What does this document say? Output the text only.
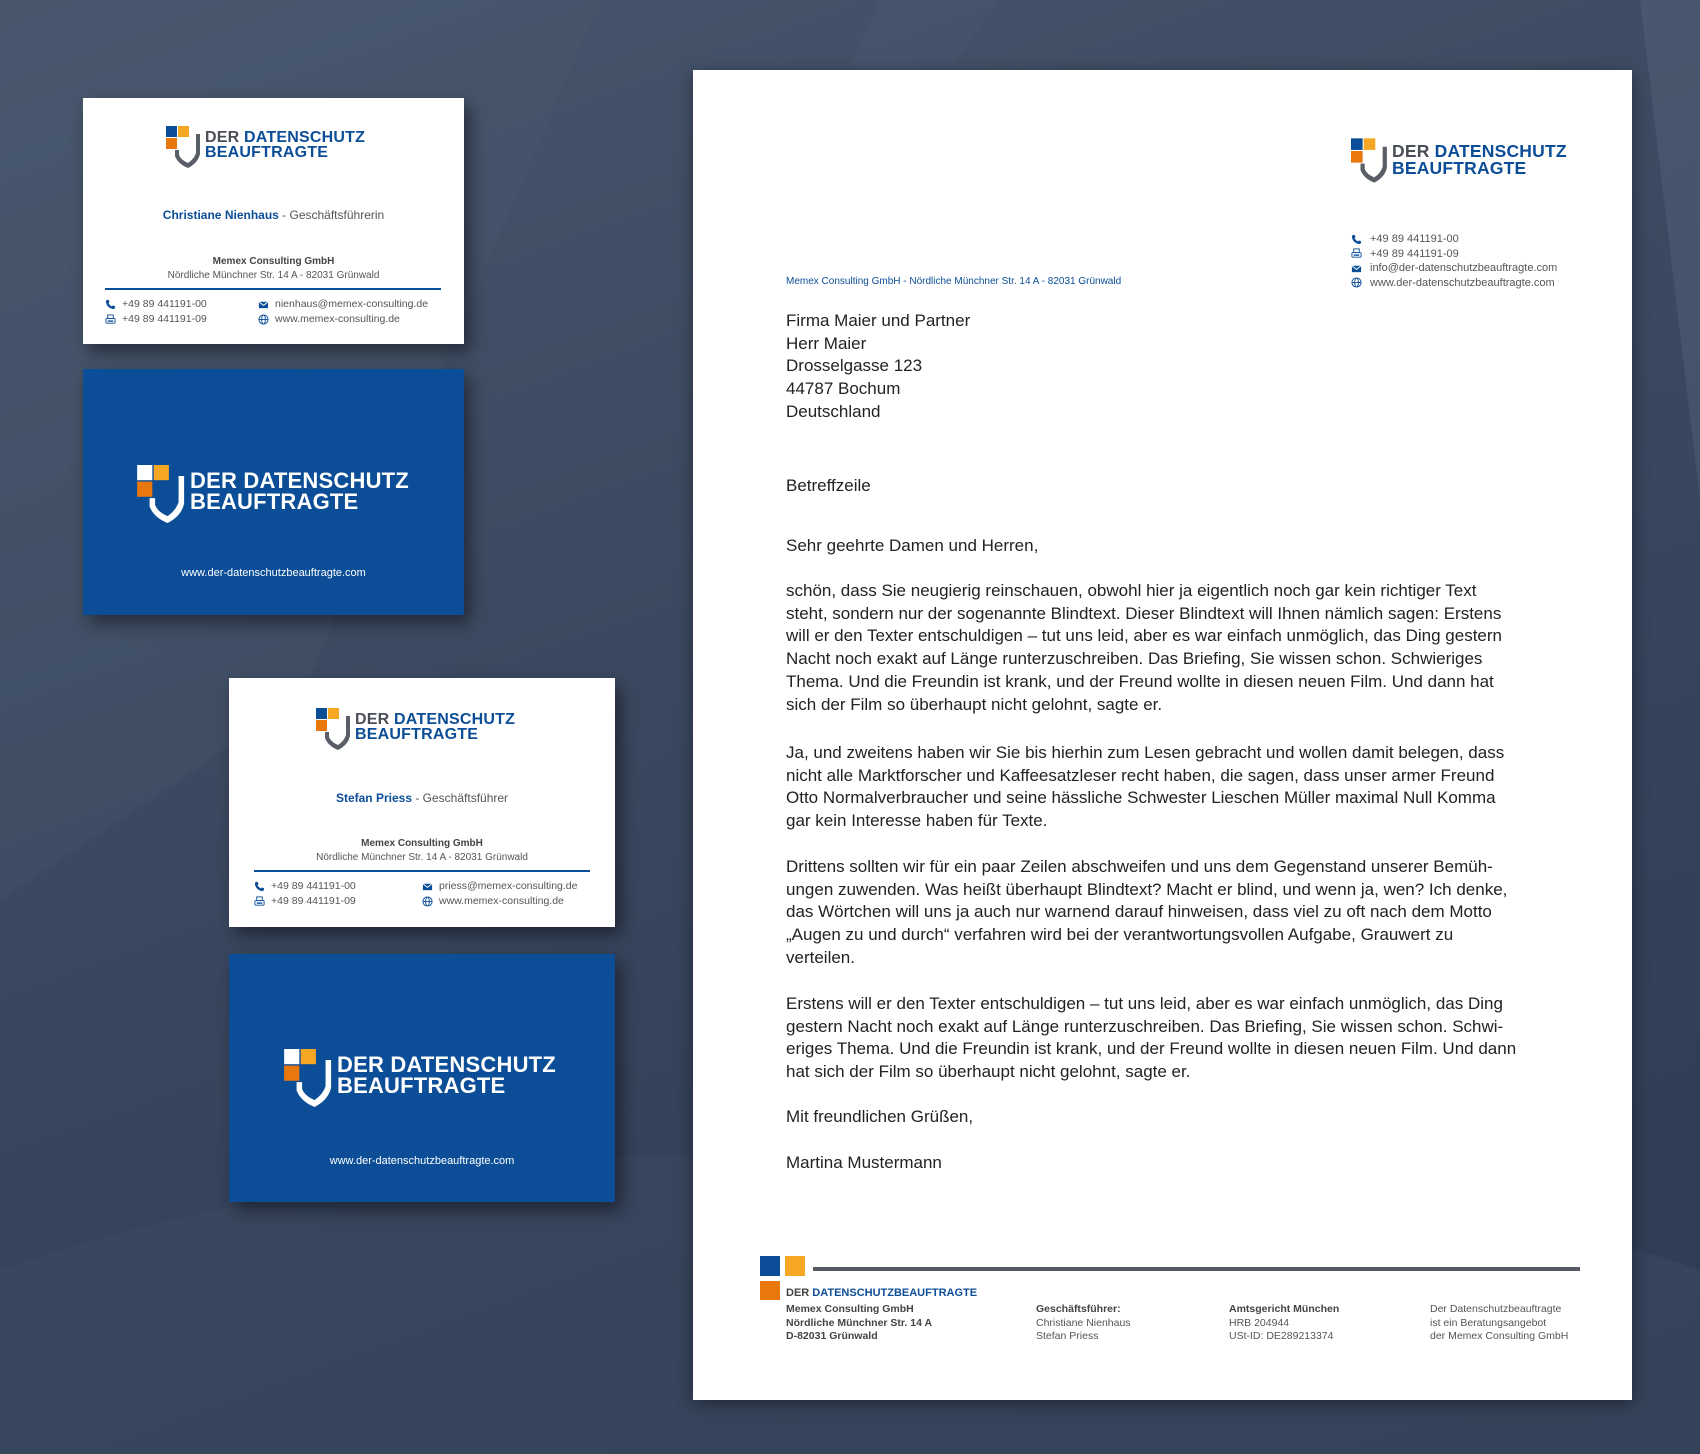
DER DATENSCHUTZ
BEAUFTRAGTE
Christiane Nienhaus - Geschäftsführerin
Memex Consulting GmbH
Nördliche Münchner Str. 14 A - 82031 Grünwald
+49 89 441191-00
+49 89 441191-09
nienhaus@memex-consulting.de
www.memex-consulting.de
DER DATENSCHUTZ
BEAUFTRAGTE
www.der-datenschutzbeauftragte.com
DER DATENSCHUTZ
BEAUFTRAGTE
Stefan Priess - Geschäftsführer
Memex Consulting GmbH
Nördliche Münchner Str. 14 A - 82031 Grünwald
+49 89 441191-00
+49 89 441191-09
priess@memex-consulting.de
www.memex-consulting.de
DER DATENSCHUTZ
BEAUFTRAGTE
www.der-datenschutzbeauftragte.com
DER DATENSCHUTZ
BEAUFTRAGTE
+49 89 441191-00
+49 89 441191-09
info@der-datenschutzbeauftragte.com
www.der-datenschutzbeauftragte.com
Memex Consulting GmbH - Nördliche Münchner Str. 14 A - 82031 Grünwald
Firma Maier und Partner
Herr Maier
Drosselgasse 123
44787 Bochum
Deutschland
Betreffzeile
Sehr geehrte Damen und Herren,
schön, dass Sie neugierig reinschauen, obwohl hier ja eigentlich noch gar kein richtiger Text
steht, sondern nur der sogenannte Blindtext. Dieser Blindtext will Ihnen nämlich sagen: Erstens
will er den Texter entschuldigen – tut uns leid, aber es war einfach unmöglich, das Ding gestern
Nacht noch exakt auf Länge runterzuschreiben. Das Briefing, Sie wissen schon. Schwieriges
Thema. Und die Freundin ist krank, und der Freund wollte in diesen neuen Film. Und dann hat
sich der Film so überhaupt nicht gelohnt, sagte er.
Ja, und zweitens haben wir Sie bis hierhin zum Lesen gebracht und wollen damit belegen, dass
nicht alle Marktforscher und Kaffeesatzleser recht haben, die sagen, dass unser armer Freund
Otto Normalverbraucher und seine hässliche Schwester Lieschen Müller maximal Null Komma
gar kein Interesse haben für Texte.
Drittens sollten wir für ein paar Zeilen abschweifen und uns dem Gegenstand unserer Bemüh-
ungen zuwenden. Was heißt überhaupt Blindtext? Macht er blind, und wenn ja, wen? Ich denke,
das Wörtchen will uns ja auch nur warnend darauf hinweisen, dass viel zu oft nach dem Motto
„Augen zu und durch“ verfahren wird bei der verantwortungsvollen Aufgabe, Grauwert zu
verteilen.
Erstens will er den Texter entschuldigen – tut uns leid, aber es war einfach unmöglich, das Ding
gestern Nacht noch exakt auf Länge runterzuschreiben. Das Briefing, Sie wissen schon. Schwi-
eriges Thema. Und die Freundin ist krank, und der Freund wollte in diesen neuen Film. Und dann
hat sich der Film so überhaupt nicht gelohnt, sagte er.
Mit freundlichen Grüßen,
Martina Mustermann
DER DATENSCHUTZBEAUFTRAGTE
Memex Consulting GmbH
Nördliche Münchner Str. 14 A
D-82031 Grünwald
Geschäftsführer:
Christiane Nienhaus
Stefan Priess
Amtsgericht München
HRB 204944
USt-ID: DE289213374
Der Datenschutzbeauftragte
ist ein Beratungsangebot
der Memex Consulting GmbH
